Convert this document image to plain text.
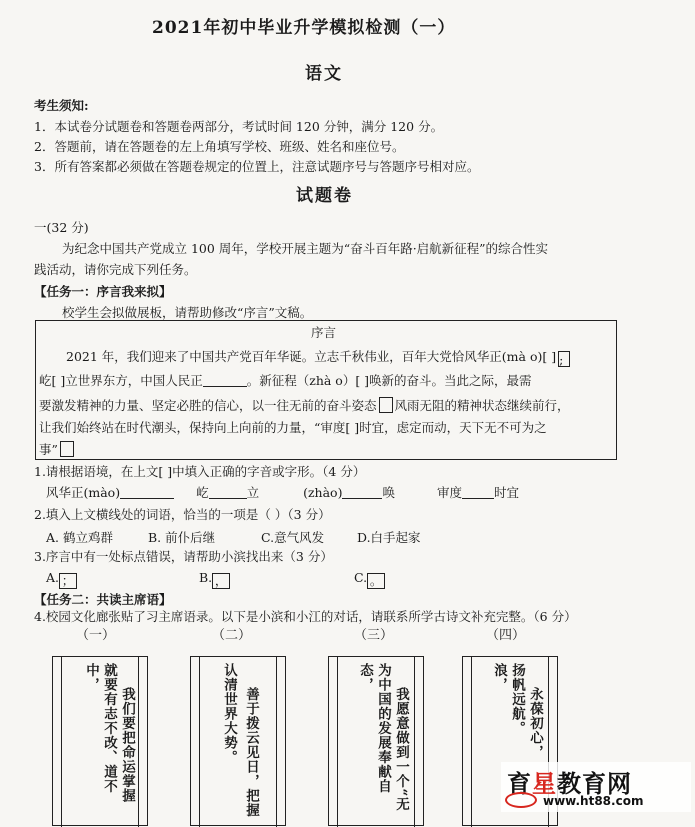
2021年初中毕业升学模拟检测（一）
语文
考生须知:
1．本试卷分试题卷和答题卷两部分，考试时间 120 分钟，满分 120 分。
2．答题前，请在答题卷的左上角填写学校、班级、姓名和座位号。
3．所有答案都必须做在答题卷规定的位置上，注意试题序号与答题序号相对应。
试题卷
一(32 分)
为纪念中国共产党成立 100 周年，学校开展主题为“奋斗百年路·启航新征程”的综合性实
践活动，请你完成下列任务。
【任务一：序言我来拟】
校学生会拟做展板，请帮助修改“序言”文稿。
序言
2021 年，我们迎来了中国共产党百年华诞。立志千秋伟业，百年大党恰风华正(mà o)[ ] ;
屹[ ]立世界东方，中国人民正	。新征程（zhà o）[ ]唤新的奋斗。当此之际，最需
要激发精神的力量、坚定必胜的信心，以一往无前的奋斗姿态 风雨无阻的精神状态继续前行，
让我们始终站在时代潮头，保持向上向前的力量，“审度[ ]时宜，虑定而动，天下无不可为之
事”
1.请根据语境，在上文[ ]中填入正确的字音或字形。（4 分）
风华正(mào)	屹	立	(zhào)	唤	审度	时宜
2.填入上文横线处的词语，恰当的一项是（ ）（3 分）
A. 鹤立鸡群	B. 前仆后继	C.意气风发	D.白手起家
3.序言中有一处标点错误，请帮助小滨找出来（3 分）
A. ；	B. ，	C. 。
【任务二：共读主席语】
4.校园文化廊张贴了习主席语录。以下是小滨和小江的对话，请联系所学古诗文补充完整。（6 分）
（一）	（二）	（三）	（四）
中， 就要有志不改、道不 我们要把命运掌握	认清世界大势。 善于拨云见日，把握
态， 为中国的发展奉献自 我愿意做到一个“无
浪， 扬帆远航。 永葆初心，
育星教育网
www.ht88.com
